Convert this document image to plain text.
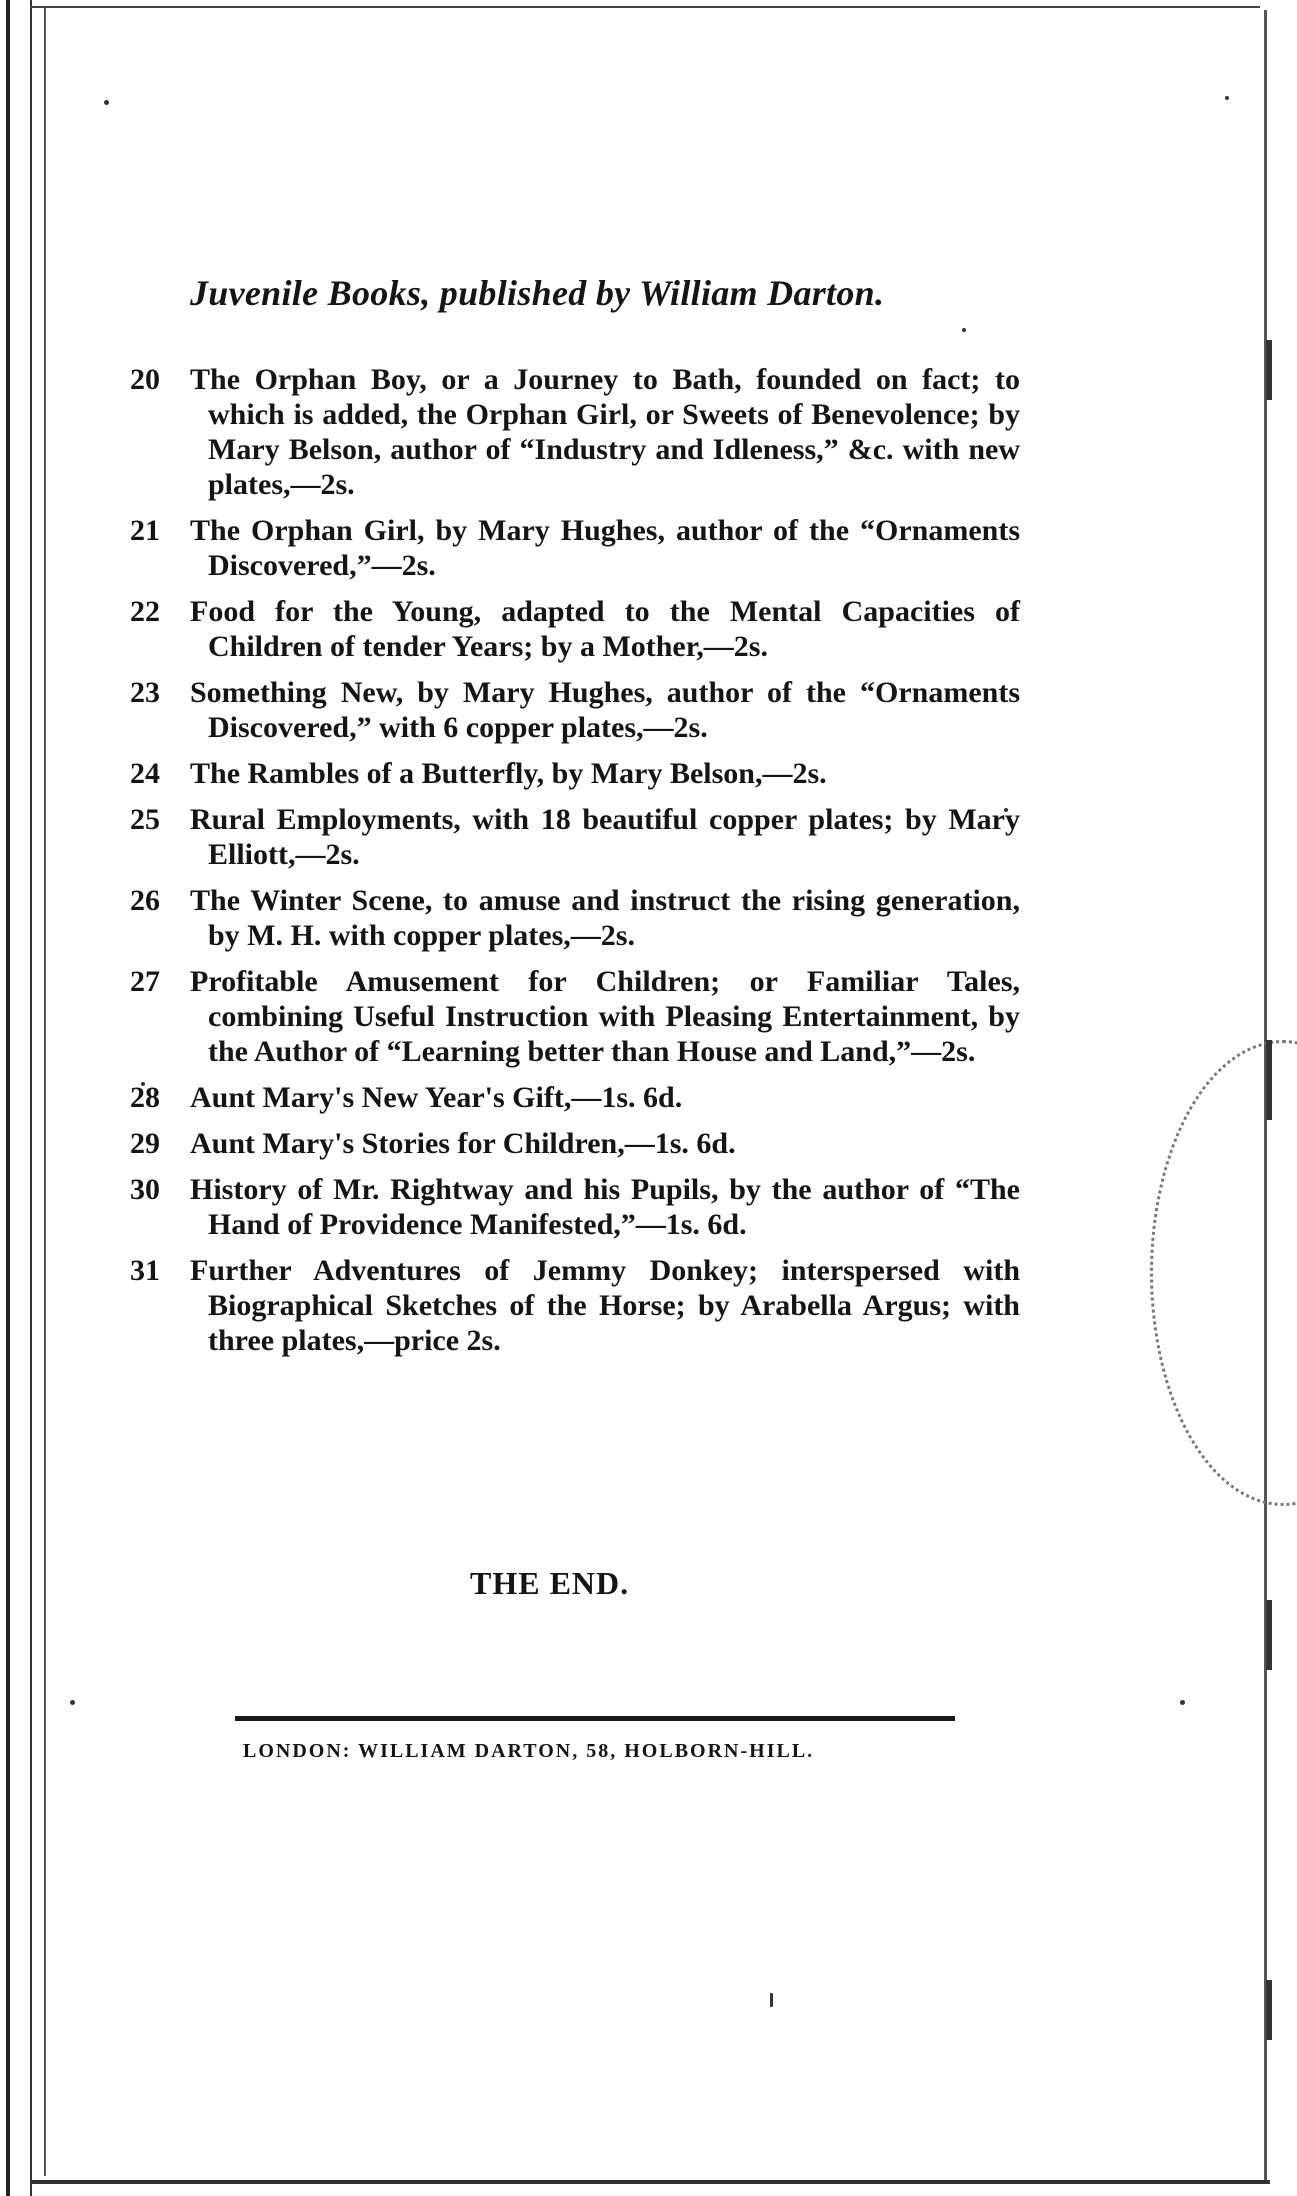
Juvenile Books, published by William Darton.
20	The Orphan Boy, or a Journey to Bath, founded on fact; to which is added, the Orphan Girl, or Sweets of Benevolence; by Mary Belson, author of “Industry and Idleness,” &c. with new plates,—2s.
21	The Orphan Girl, by Mary Hughes, author of the “Ornaments Discovered,”—2s.
22	Food for the Young, adapted to the Mental Capacities of Children of tender Years; by a Mother,—2s.
23	Something New, by Mary Hughes, author of the “Ornaments Discovered,” with 6 copper plates,—2s.
24	The Rambles of a Butterfly, by Mary Belson,—2s.
25	Rural Employments, with 18 beautiful copper plates; by Mary Elliott,—2s.
26	The Winter Scene, to amuse and instruct the rising generation, by M. H. with copper plates,—2s.
27	Profitable Amusement for Children; or Familiar Tales, combining Useful Instruction with Pleasing Entertainment, by the Author of “Learning better than House and Land,”—2s.
28	Aunt Mary's New Year's Gift,—1s. 6d.
29	Aunt Mary's Stories for Children,—1s. 6d.
30	History of Mr. Rightway and his Pupils, by the author of “The Hand of Providence Manifested,”—1s. 6d.
31	Further Adventures of Jemmy Donkey; interspersed with Biographical Sketches of the Horse; by Arabella Argus; with three plates,—price 2s.
THE END.
LONDON: WILLIAM DARTON, 58, HOLBORN-HILL.
